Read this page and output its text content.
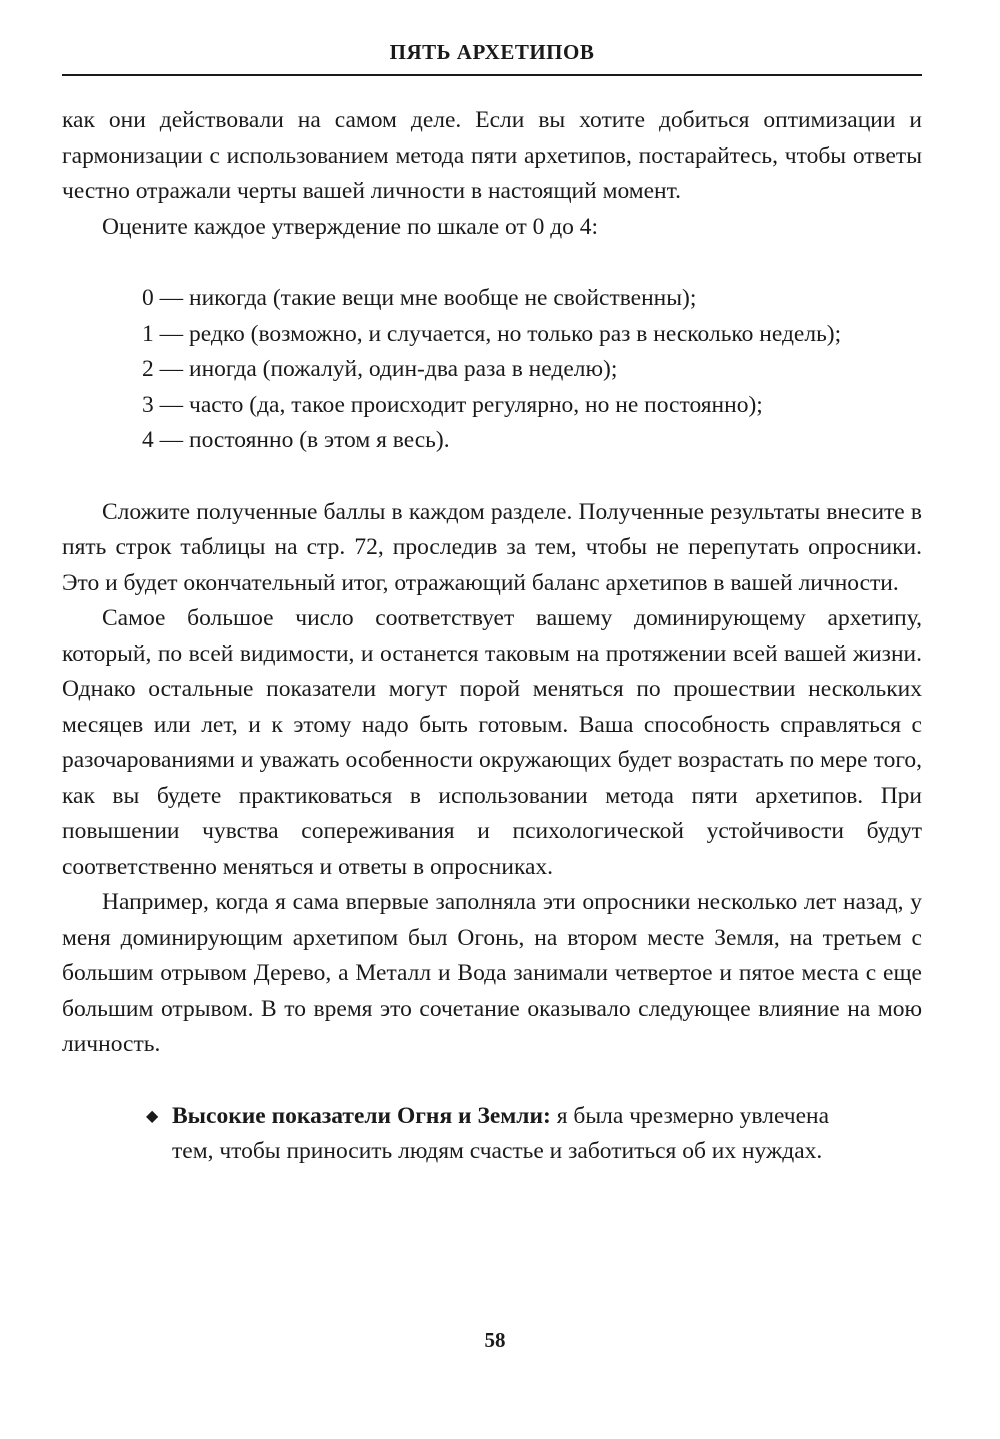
ПЯТЬ АРХЕТИПОВ

как они действовали на самом деле. Если вы хотите добиться оптимизации и гармонизации с использованием метода пяти архетипов, постарайтесь, чтобы ответы честно отражали черты вашей личности в настоящий момент.

Оцените каждое утверждение по шкале от 0 до 4:

0 — никогда (такие вещи мне вообще не свойственны);
1 — редко (возможно, и случается, но только раз в несколько недель);
2 — иногда (пожалуй, один-два раза в неделю);
3 — часто (да, такое происходит регулярно, но не постоянно);
4 — постоянно (в этом я весь).

Сложите полученные баллы в каждом разделе. Полученные результаты внесите в пять строк таблицы на стр. 72, проследив за тем, чтобы не перепутать опросники. Это и будет окончательный итог, отражающий баланс архетипов в вашей личности.

Самое большое число соответствует вашему доминирующему архетипу, который, по всей видимости, и останется таковым на протяжении всей вашей жизни. Однако остальные показатели могут порой меняться по прошествии нескольких месяцев или лет, и к этому надо быть готовым. Ваша способность справляться с разочарованиями и уважать особенности окружающих будет возрастать по мере того, как вы будете практиковаться в использовании метода пяти архетипов. При повышении чувства сопереживания и психологической устойчивости будут соответственно меняться и ответы в опросниках.

Например, когда я сама впервые заполняла эти опросники несколько лет назад, у меня доминирующим архетипом был Огонь, на втором месте Земля, на третьем с большим отрывом Дерево, а Металл и Вода занимали четвертое и пятое места с еще большим отрывом. В то время это сочетание оказывало следующее влияние на мою личность.

◆ Высокие показатели Огня и Земли: я была чрезмерно увлечена тем, чтобы приносить людям счастье и заботиться об их нуждах.
58
